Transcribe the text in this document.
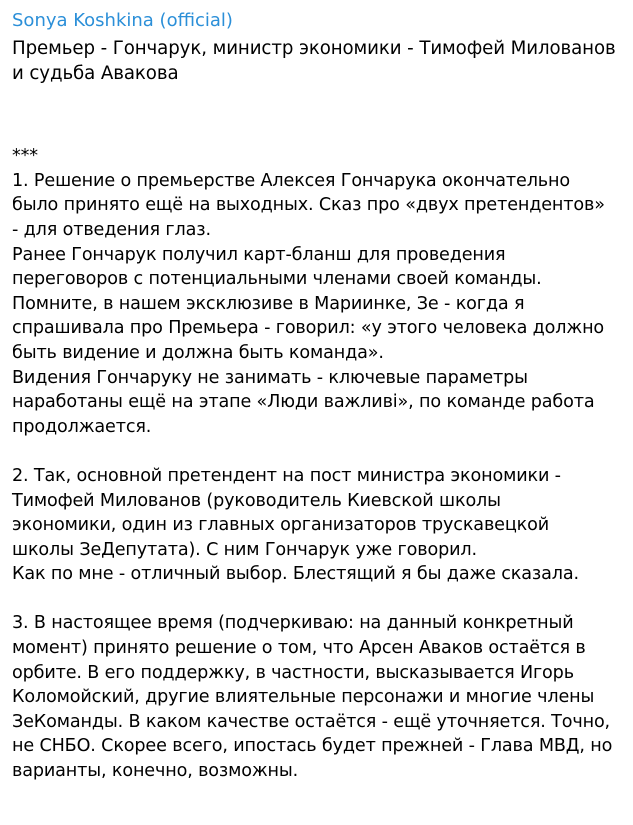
Sonya Koshkina (official)
Премьер - Гончарук, министр экономики - Тимофей Милованов
и судьба Авакова
***
1. Решение о премьерстве Алексея Гончарука окончательно
было принято ещё на выходных. Сказ про «двух претендентов»
- для отведения глаз.
Ранее Гончарук получил карт-бланш для проведения
переговоров с потенциальными членами своей команды.
Помните, в нашем эксклюзиве в Мариинке, Зе - когда я
спрашивала про Премьера - говорил: «у этого человека должно
быть видение и должна быть команда».
Видения Гончаруку не занимать - ключевые параметры
наработаны ещё на этапе «Люди важливі», по команде работа
продолжается.
2. Так, основной претендент на пост министра экономики -
Тимофей Милованов (руководитель Киевской школы
экономики, один из главных организаторов трускавецкой
школы ЗеДепутата). С ним Гончарук уже говорил.
Как по мне - отличный выбор. Блестящий я бы даже сказала.
3. В настоящее время (подчеркиваю: на данный конкретный
момент) принято решение о том, что Арсен Аваков остаётся в
орбите. В его поддержку, в частности, высказывается Игорь
Коломойский, другие влиятельные персонажи и многие члены
ЗеКоманды. В каком качестве остаётся - ещё уточняется. Точно,
не СНБО. Скорее всего, ипостась будет прежней - Глава МВД, но
варианты, конечно, возможны.
